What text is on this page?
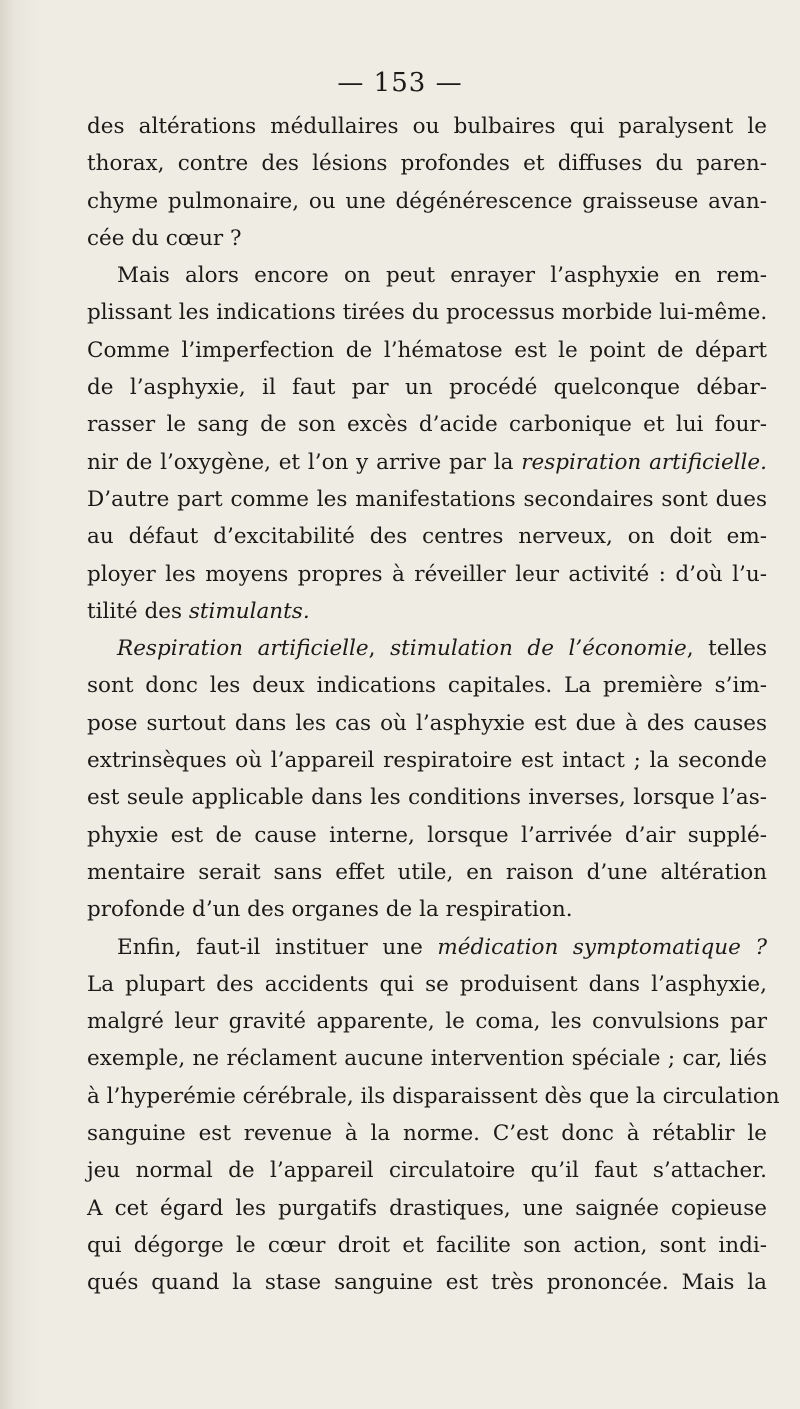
— 153 —
des altérations médullaires ou bulbaires qui paralysent le
thorax, contre des lésions profondes et diffuses du paren-
chyme pulmonaire, ou une dégénérescence graisseuse avan-
cée du cœur ?
Mais alors encore on peut enrayer l’asphyxie en rem-
plissant les indications tirées du processus morbide lui-même.
Comme l’imperfection de l’hématose est le point de départ
de l’asphyxie, il faut par un procédé quelconque débar-
rasser le sang de son excès d’acide carbonique et lui four-
nir de l’oxygène, et l’on y arrive par la respiration artificielle.
D’autre part comme les manifestations secondaires sont dues
au défaut d’excitabilité des centres nerveux, on doit em-
ployer les moyens propres à réveiller leur activité : d’où l’u-
tilité des stimulants.
Respiration artificielle, stimulation de l’économie, telles
sont donc les deux indications capitales. La première s’im-
pose surtout dans les cas où l’asphyxie est due à des causes
extrinsèques où l’appareil respiratoire est intact ; la seconde
est seule applicable dans les conditions inverses, lorsque l’as-
phyxie est de cause interne, lorsque l’arrivée d’air supplé-
mentaire serait sans effet utile, en raison d’une altération
profonde d’un des organes de la respiration.
Enfin, faut-il instituer une médication symptomatique ?
La plupart des accidents qui se produisent dans l’asphyxie,
malgré leur gravité apparente, le coma, les convulsions par
exemple, ne réclament aucune intervention spéciale ; car, liés
à l’hyperémie cérébrale, ils disparaissent dès que la circulation
sanguine est revenue à la norme. C’est donc à rétablir le
jeu normal de l’appareil circulatoire qu’il faut s’attacher.
A cet égard les purgatifs drastiques, une saignée copieuse
qui dégorge le cœur droit et facilite son action, sont indi-
qués quand la stase sanguine est très prononcée. Mais la
